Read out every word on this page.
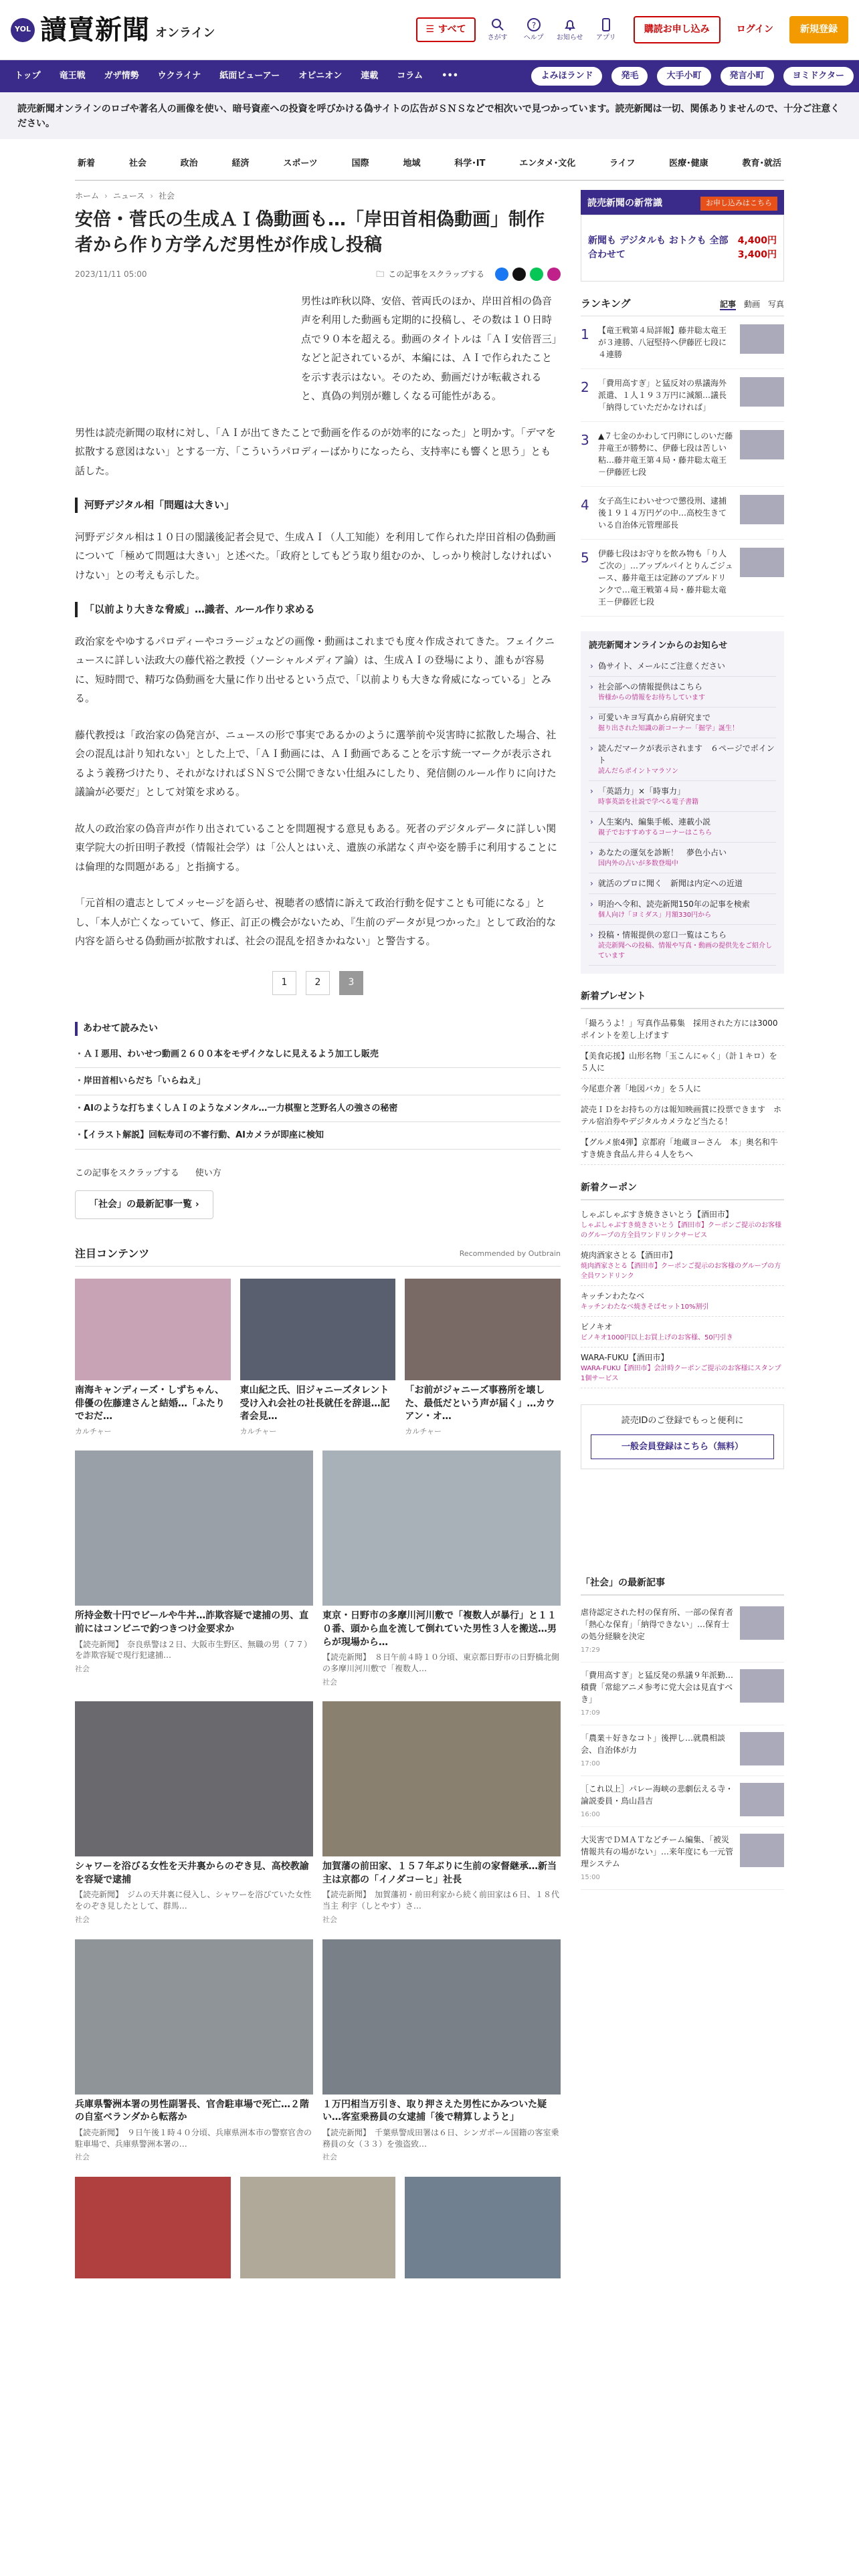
YOL 讀賣新聞 オンライン	☰ すべて
さがす
?
ヘルプ お知らせ アプリ
購読お申し込み	ログイン	新規登録
トップ	竜王戦	ガザ情勢	ウクライナ	紙面ビューアー	オピニオン	連載	コラム	•••	よみほランド	発毛	大手小町	発言小町	ヨミドクター
読売新聞オンラインのロゴや著名人の画像を使い、暗号資産への投資を呼びかける偽サイトの広告がＳＮＳなどで相次いで見つかっています。読売新聞は一切、関係ありませんので、十分ご注意ください。
新着	社会	政治	経済	スポーツ	国際	地域	科学･IT	エンタメ･文化	ライフ	医療･健康	教育･就活
ホーム › ニュース › 社会
安倍・菅氏の生成ＡＩ偽動画も…「岸田首相偽動画」制作者から作り方学んだ男性が作成し投稿
2023/11/11 05:00	🗀 この記事をスクラップする

男性は昨秋以降、安倍、菅両氏のほか、岸田首相の偽音声を利用した動画も定期的に投稿し、その数は１０日時点で９０本を超える。動画のタイトルは「ＡＩ安倍晋三」などと記されているが、本編には、ＡＩで作られたことを示す表示はない。そのため、動画だけが転載されると、真偽の判別が難しくなる可能性がある。

男性は読売新聞の取材に対し、「ＡＩが出てきたことで動画を作るのが効率的になった」と明かす。「デマを拡散する意図はない」とする一方、「こういうパロディーばかりになったら、支持率にも響くと思う」とも話した。

河野デジタル相「問題は大きい」

河野デジタル相は１０日の閣議後記者会見で、生成ＡＩ（人工知能）を利用して作られた岸田首相の偽動画について「極めて問題は大きい」と述べた。「政府としてもどう取り組むのか、しっかり検討しなければいけない」との考えも示した。

「以前より大きな脅威」…識者、ルール作り求める

政治家をやゆするパロディーやコラージュなどの画像・動画はこれまでも度々作成されてきた。フェイクニュースに詳しい法政大の藤代裕之教授（ソーシャルメディア論）は、生成ＡＩの登場により、誰もが容易に、短時間で、精巧な偽動画を大量に作り出せるという点で、「以前よりも大きな脅威になっている」とみる。

藤代教授は「政治家の偽発言が、ニュースの形で事実であるかのように選挙前や災害時に拡散した場合、社会の混乱は計り知れない」とした上で、「ＡＩ動画には、ＡＩ動画であることを示す統一マークが表示されるよう義務づけたり、それがなければＳＮＳで公開できない仕組みにしたり、発信側のルール作りに向けた議論が必要だ」として対策を求める。

故人の政治家の偽音声が作り出されていることを問題視する意見もある。死者のデジタルデータに詳しい関東学院大の折田明子教授（情報社会学）は「公人とはいえ、遺族の承諾なく声や姿を勝手に利用することには倫理的な問題がある」と指摘する。

「元首相の遺志としてメッセージを語らせ、視聴者の感情に訴えて政治行動を促すことも可能になる」とし、「本人が亡くなっていて、修正、訂正の機会がないため、『生前のデータが見つかった』として政治的な内容を語らせる偽動画が拡散すれば、社会の混乱を招きかねない」と警告する。

1	2	3
あわせて読みたい
・ ＡＩ悪用、わいせつ動画２６００本をモザイクなしに見えるよう加工し販売
・ 岸田首相いらだち「いらねえ」
・ AIのような打ちまくしＡＩのようなメンタル…一力棋聖と芝野名人の強さの秘密
・ 【イラスト解説】回転寿司の不審行動、AIカメラが即座に検知
この記事をスクラップする 使い方
「社会」の最新記事一覧 ›
注目コンテンツ	Recommended by Outbrain
南海キャンディーズ・しずちゃん、俳優の佐藤達さんと結婚…「ふたりでおだ…
カルチャー
東山紀之氏、旧ジャニーズタレント受け入れ会社の社長就任を辞退…記者会見…
カルチャー
「お前がジャニーズ事務所を壊した、最低だという声が届く」…カウアン・オ…
カルチャー
所持金数十円でビールや牛丼…詐欺容疑で逮捕の男、直前にはコンビニで釣つきつけ金要求か
【読売新聞】　奈良県警は２日、大阪市生野区、無職の男（７７）を詐欺容疑で現行犯逮捕…
社会
東京・日野市の多摩川河川敷で「複数人が暴行」と１１０番、頭から血を流して倒れていた男性３人を搬送…男らが現場から…
【読売新聞】　８日午前４時１０分頃、東京都日野市の日野橋北側の多摩川河川敷で「複数人…
社会
シャワーを浴びる女性を天井裏からのぞき見、高校教諭を容疑で逮捕
【読売新聞】　ジムの天井裏に侵入し、シャワーを浴びていた女性をのぞき見したとして、群馬…
社会
加賀藩の前田家、１５７年ぶりに生前の家督継承…新当主は京都の「イノダコーヒ」社長
【読売新聞】　加賀藩初・前田利家から続く前田家は６日、１８代当主 利宇（しとやす）さ…
社会
兵庫県警洲本署の男性副署長、官舎駐車場で死亡…２階の自室ベランダから転落か
【読売新聞】　９日午後１時４０分頃、兵庫県洲本市の警察官舎の駐車場で、兵庫県警洲本署の…
社会
１万円相当万引き、取り押さえた男性にかみついた疑い…客室乗務員の女逮捕「後で精算しようと」
【読売新聞】　千葉県警成田署は６日、シンガポール国籍の客室乗務員の女（３３）を強盗致…
社会
読売新聞の新常識	お申し込みはこちら
新聞も デジタルも おトクも 全部合わせて
4,400円
3,400円
ランキング	記事 動画 写真
1 【竜王戦第４局詳報】藤井聡太竜王が３連勝、八冠堅持へ伊藤匠七段に４連勝
2 「費用高すぎ」と猛反対の県議海外派遣、１人１９３万円に減額…議長「納得していただかなければ」
3 ▲７七金のかわして円卵にしのいだ藤井竜王が勝勢に、伊藤七段は苦しい粘…藤井竜王第４局・藤井聡太竜王－伊藤匠七段
4 女子高生にわいせつで懲役刑、逮捕後１９１４万円ゲの中…高校生きている自治体元管理部長
5 伊藤七段はお守りを飲み物も「り人ご次の」…アップルパイとりんごジュース、藤井竜王は定跡のアプルドリンクで…竜王戦第４局・藤井聡太竜王－伊藤匠七段
読売新聞オンラインからのお知らせ
› 偽サイト、メールにご注意ください
› 社会部への情報提供はこちら
皆様からの情報をお待ちしています
› 可愛いキヨ写真から肩研究まで
掘り出された知識の新コーナー「掘学」誕生！
› 読んだマークが表示されます　６ページでポイント
読んだらポイントマラソン
› 「英語力」×「時事力」
時事英語を社説で学べる電子書籍
› 人生案内、編集手帳、連載小説
親子でおすすめするコーナーはこちら
› あなたの運気を診断！　夢色小占い
国内外の占いが多数登場中
› 就活のプロに聞く　新聞は内定への近道
› 明治へ令和、読売新聞150年の記事を検索
個人向け「ヨミダス」月額330円から
› 投稿・情報提供の窓口一覧はこちら
読売新聞への投稿、情報や写真・動画の提供先をご紹介しています
新着プレゼント
「撮ろうよ！」写真作品募集　採用された方には3000ポイントを差し上げます
【美食応援】山形名物「玉こんにゃく」（計１キロ）を５人に
今尾恵介著「地図バカ」を５人に
読売ＩＤをお持ちの方は報知映画賞に投票できます　ホテル宿泊券やデジタルカメラなど当たる！
【グルメ旅4弾】京都府「地蔵ヨーさん　本」奥名和牛すき焼き食品ん井ら４人をちへ
新着クーポン
しゃぶしゃぶすき焼きさいとう【酒田市】
しゃぶしゃぶすき焼きさいとう【酒田市】クーポンご提示のお客様のグループの方全員ワンドリンクサービス
焼肉酒家さとる【酒田市】
焼肉酒家さとる【酒田市】クーポンご提示のお客様のグループの方全員ワンドリンク
キッチンわたなべ
キッチンわたなべ焼きそばセット10%割引
ビノキオ
ビノキオ1000円以上お買上げのお客様、50円引き
WARA-FUKU【酒田市】
WARA-FUKU【酒田市】会計時クーポンご提示のお客様にスタンプ1個サービス

読売IDのご登録でもっと便利に

一般会員登録はこちら（無料）
「社会」の最新記事
虐待認定された村の保育所、一部の保育者「熱心な保育」「納得できない」…保育士の処分経験を決定
17:29
「費用高すぎ」と猛反発の県議９年派勤…積費「常総アニメ参考に党大会は見直すべき」
17:09
「農業＋好きなコト」後押し…就農相談会、自治体が力
17:00
［これ以上］パレー海峡の悲劇伝える寺・論説委員・鳥山昌吉
16:00
大災害でＤＭＡＴなどチーム編集、「被災情報共有の場がない」…来年度にも一元管理システム
15:00
